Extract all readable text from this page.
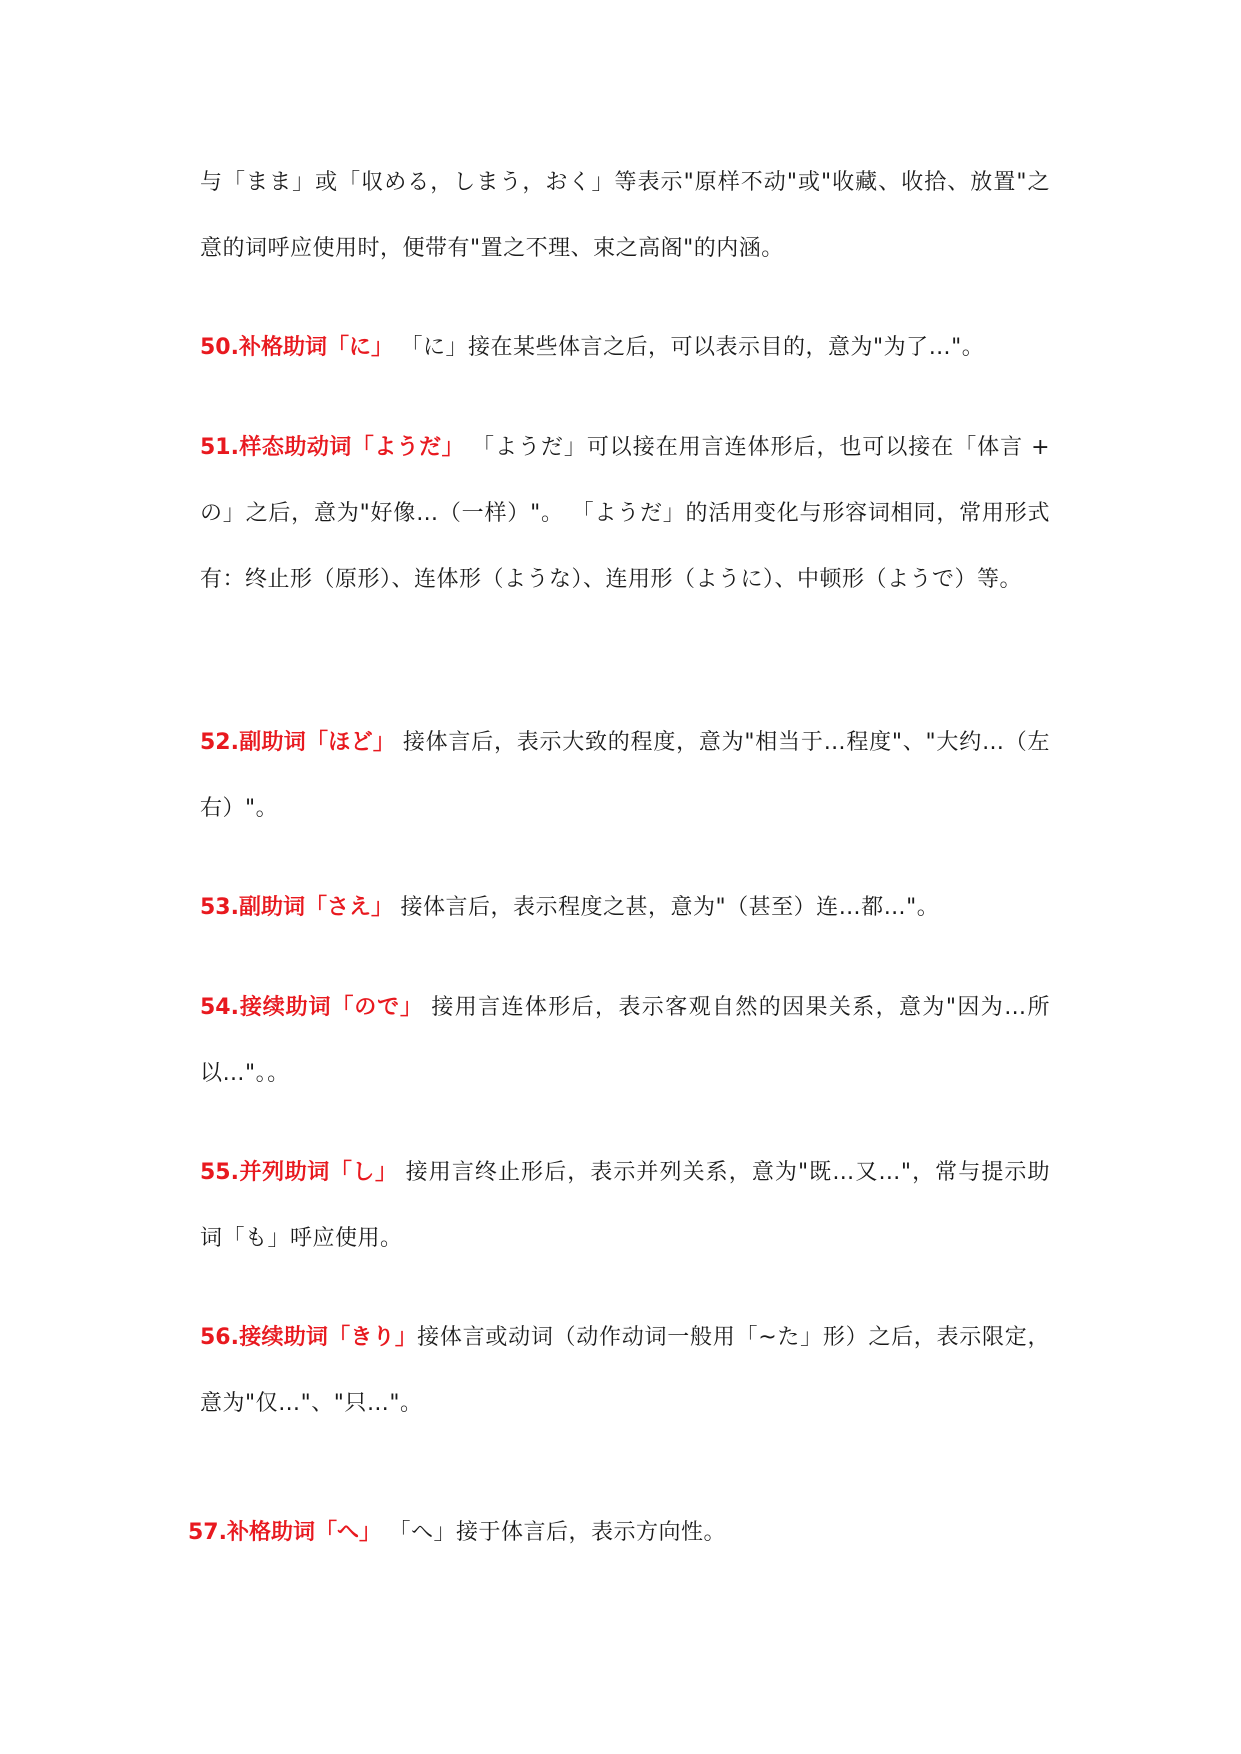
与「まま」或「収める，しまう，おく」等表示"原样不动"或"收藏、收拾、放置"之意的词呼应使用时，便带有"置之不理、束之高阁"的内涵。

50.补格助词「に」 「に」接在某些体言之后，可以表示目的，意为"为了…"。

51.样态助动词「ようだ」 「ようだ」可以接在用言连体形后，也可以接在「体言 + の」之后，意为"好像…（一样）"。 「ようだ」的活用变化与形容词相同，常用形式有：终止形（原形）、连体形（ような）、连用形（ように）、中顿形（ようで）等。

52.副助词「ほど」 接体言后，表示大致的程度，意为"相当于…程度"、"大约…（左右）"。

53.副助词「さえ」 接体言后，表示程度之甚，意为"（甚至）连…都…"。

54.接续助词「ので」 接用言连体形后，表示客观自然的因果关系，意为"因为…所以…"。。

55.并列助词「し」 接用言终止形后，表示并列关系，意为"既…又…"，常与提示助词「も」呼应使用。

56.接续助词「きり」接体言或动词（动作动词一般用「~た」形）之后，表示限定，意为"仅…"、"只…"。

57.补格助词「へ」 「へ」接于体言后，表示方向性。
